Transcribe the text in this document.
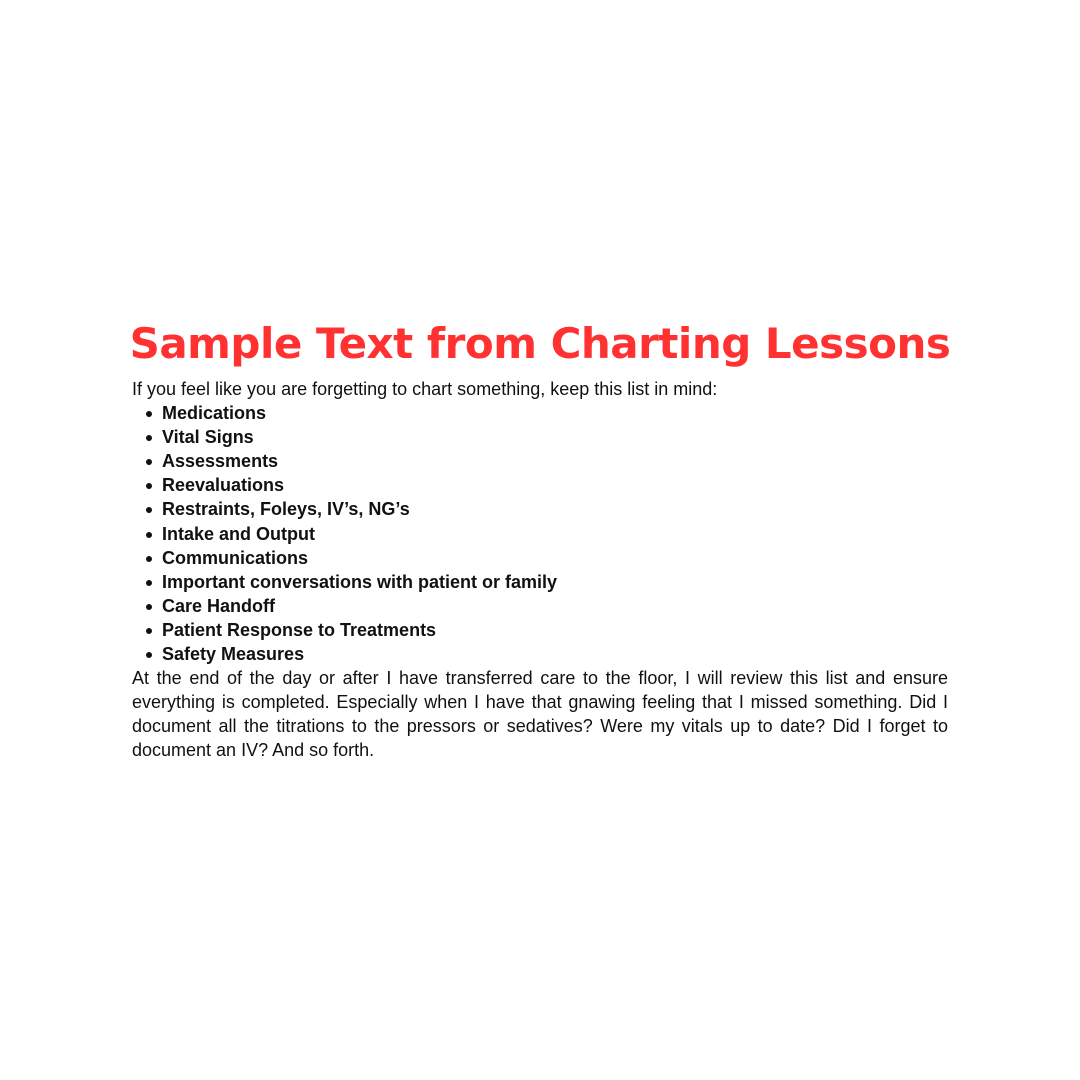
Sample Text from Charting Lessons

If you feel like you are forgetting to chart something, keep this list in mind:

Medications
Vital Signs
Assessments
Reevaluations
Restraints, Foleys, IV’s, NG’s
Intake and Output
Communications
Important conversations with patient or family
Care Handoff
Patient Response to Treatments
Safety Measures

At the end of the day or after I have transferred care to the floor, I will review this list and ensure everything is completed. Especially when I have that gnawing feeling that I missed something. Did I document all the titrations to the pressors or sedatives? Were my vitals up to date? Did I forget to document an IV? And so forth.
